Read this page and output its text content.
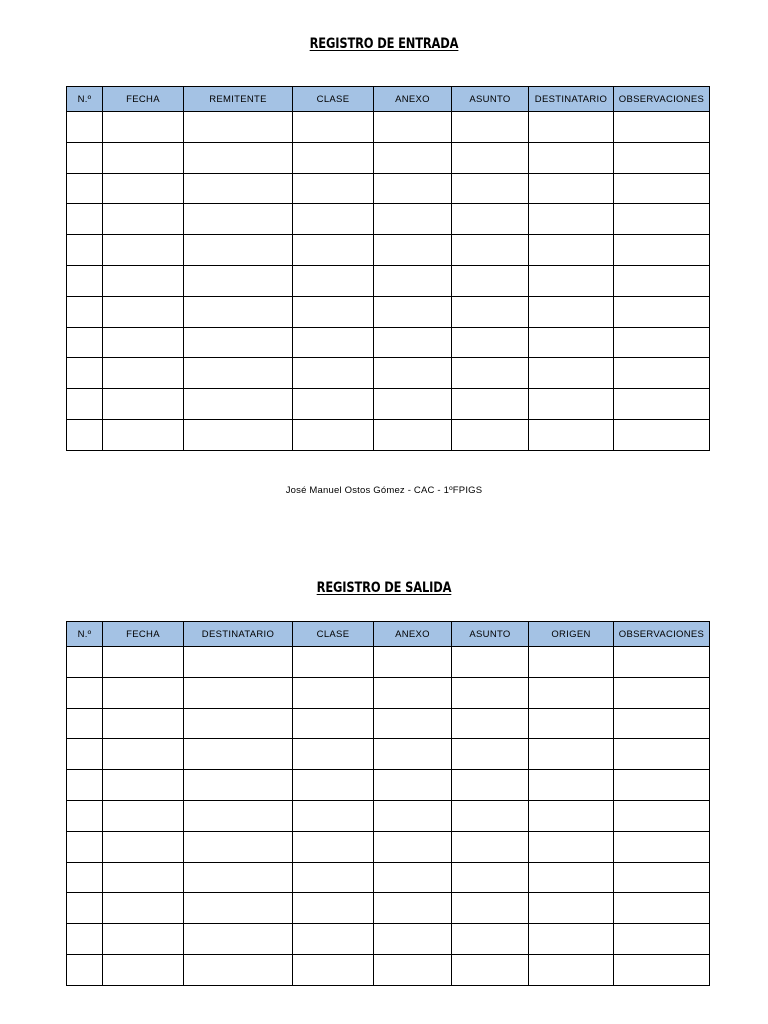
REGISTRO DE ENTRADA
N.º	FECHA	REMITENTE	CLASE	ANEXO	ASUNTO	DESTINATARIO	OBSERVACIONES

José Manuel Ostos Gómez - CAC - 1ºFPIGS
REGISTRO DE SALIDA
N.º	FECHA	DESTINATARIO	CLASE	ANEXO	ASUNTO	ORIGEN	OBSERVACIONES
